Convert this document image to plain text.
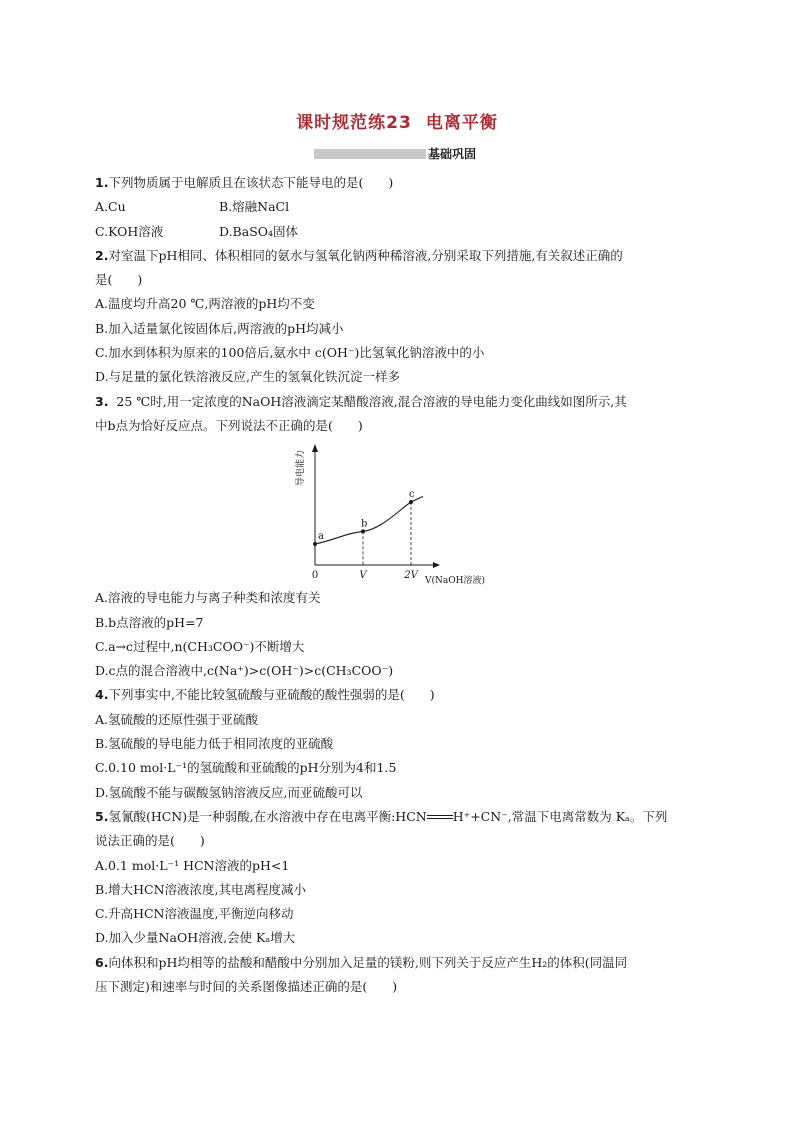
课时规范练23 电离平衡
基础巩固
1.下列物质属于电解质且在该状态下能导电的是(　　)
A.Cu	B.熔融NaCl
C.KOH溶液	D.BaSO₄固体
2.对室温下pH相同、体积相同的氨水与氢氧化钠两种稀溶液,分别采取下列措施,有关叙述正确的
是(　　)
A.温度均升高20 ℃,两溶液的pH均不变
B.加入适量氯化铵固体后,两溶液的pH均减小
C.加水到体积为原来的100倍后,氨水中 c(OH⁻)比氢氧化钠溶液中的小
D.与足量的氯化铁溶液反应,产生的氢氧化铁沉淀一样多
3. 25 ℃时,用一定浓度的NaOH溶液滴定某醋酸溶液,混合溶液的导电能力变化曲线如图所示,其
中b点为恰好反应点。下列说法不正确的是(　　)
导电能力
V(NaOH溶液)
0	V	2V
a
b
c
A.溶液的导电能力与离子种类和浓度有关
B.b点溶液的pH=7
C.a→c过程中,n(CH₃COO⁻)不断增大
D.c点的混合溶液中,c(Na⁺)>c(OH⁻)>c(CH₃COO⁻)
4.下列事实中,不能比较氢硫酸与亚硫酸的酸性强弱的是(　　)
A.氢硫酸的还原性强于亚硫酸
B.氢硫酸的导电能力低于相同浓度的亚硫酸
C.0.10 mol·L⁻¹的氢硫酸和亚硫酸的pH分别为4和1.5
D.氢硫酸不能与碳酸氢钠溶液反应,而亚硫酸可以
5.氢氰酸(HCN)是一种弱酸,在水溶液中存在电离平衡:HCN H⁺+CN⁻,常温下电离常数为 Kₐ。下列
说法正确的是(　　)
A.0.1 mol·L⁻¹ HCN溶液的pH<1
B.增大HCN溶液浓度,其电离程度减小
C.升高HCN溶液温度,平衡逆向移动
D.加入少量NaOH溶液,会使 Kₐ增大
6.向体积和pH均相等的盐酸和醋酸中分别加入足量的镁粉,则下列关于反应产生H₂的体积(同温同
压下测定)和速率与时间的关系图像描述正确的是(　　)
